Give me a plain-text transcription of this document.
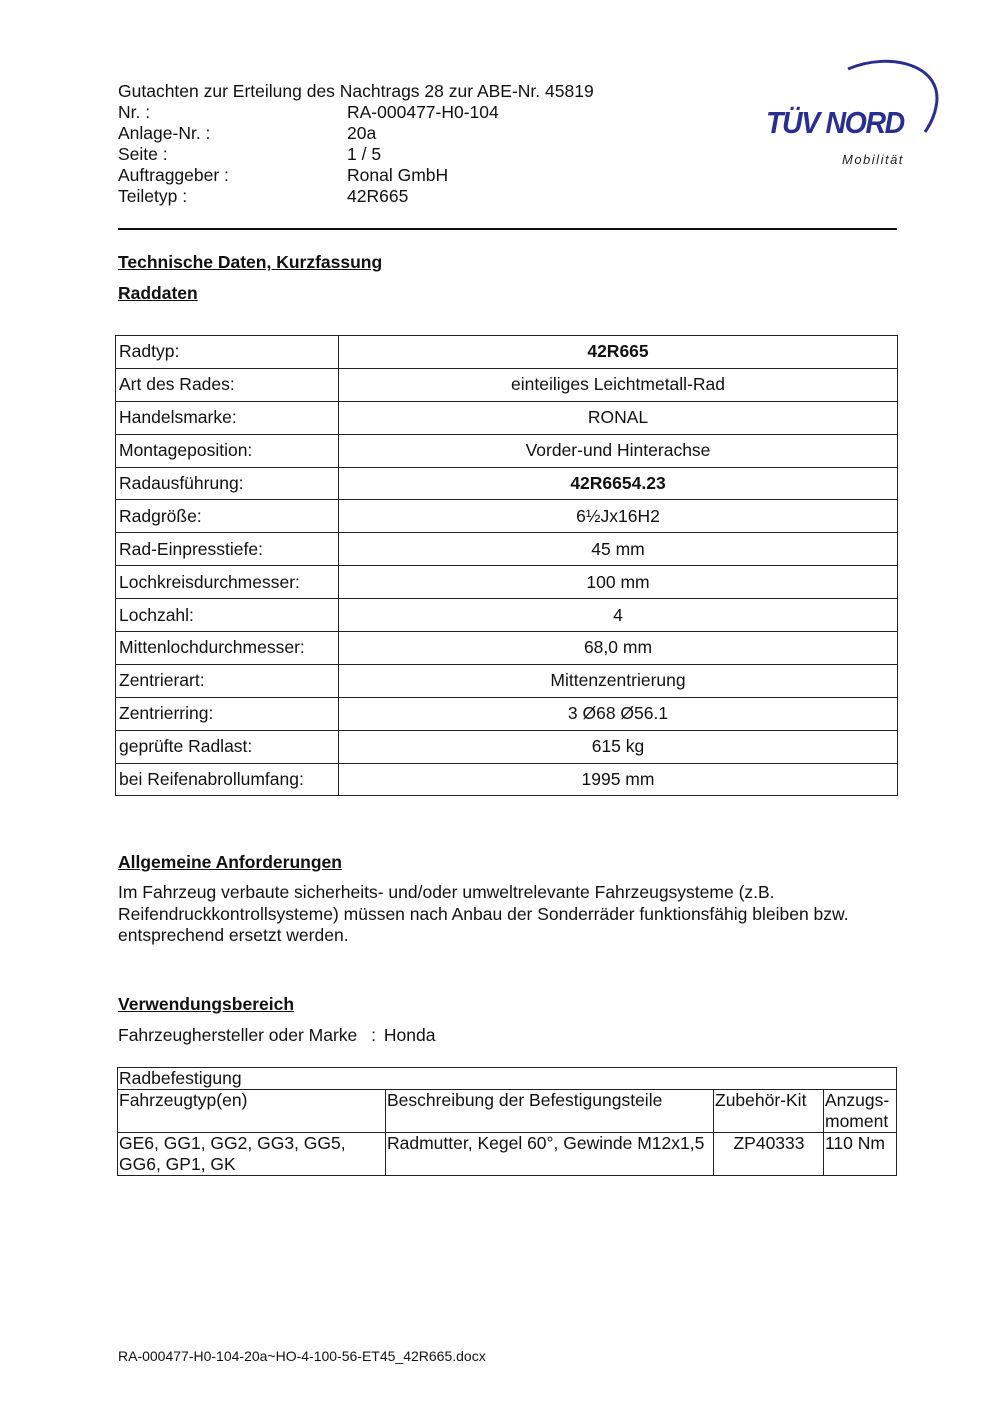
Gutachten zur Erteilung des Nachtrags 28 zur ABE-Nr. 45819
Nr. :	RA-000477-H0-104
Anlage-Nr. :	20a
Seite :	1 / 5
Auftraggeber :	Ronal GmbH
Teiletyp :	42R665
TÜV NORD
Mobilität
Technische Daten, Kurzfassung
Raddaten
Radtyp:	42R665
Art des Rades:	einteiliges Leichtmetall-Rad
Handelsmarke:	RONAL
Montageposition:	Vorder-und Hinterachse
Radausführung:	42R6654.23
Radgröße:	6½Jx16H2
Rad-Einpresstiefe:	45 mm
Lochkreisdurchmesser:	100 mm
Lochzahl:	4
Mittenlochdurchmesser:	68,0 mm
Zentrierart:	Mittenzentrierung
Zentrierring:	3 Ø68 Ø56.1
geprüfte Radlast:	615 kg
bei Reifenabrollumfang:	1995 mm
Allgemeine Anforderungen
Im Fahrzeug verbaute sicherheits- und/oder umweltrelevante Fahrzeugsysteme (z.B. Reifendruckkontrollsysteme) müssen nach Anbau der Sonderräder funktionsfähig bleiben bzw. entsprechend ersetzt werden.
Verwendungsbereich
Fahrzeughersteller oder Marke : Honda
Radbefestigung			
Fahrzeugtyp(en)	Beschreibung der Befestigungsteile	Zubehör-Kit	Anzugs-moment
GE6, GG1, GG2, GG3, GG5, GG6, GP1, GK	Radmutter, Kegel 60°, Gewinde M12x1,5	ZP40333	110 Nm
RA-000477-H0-104-20a~HO-4-100-56-ET45_42R665.docx
